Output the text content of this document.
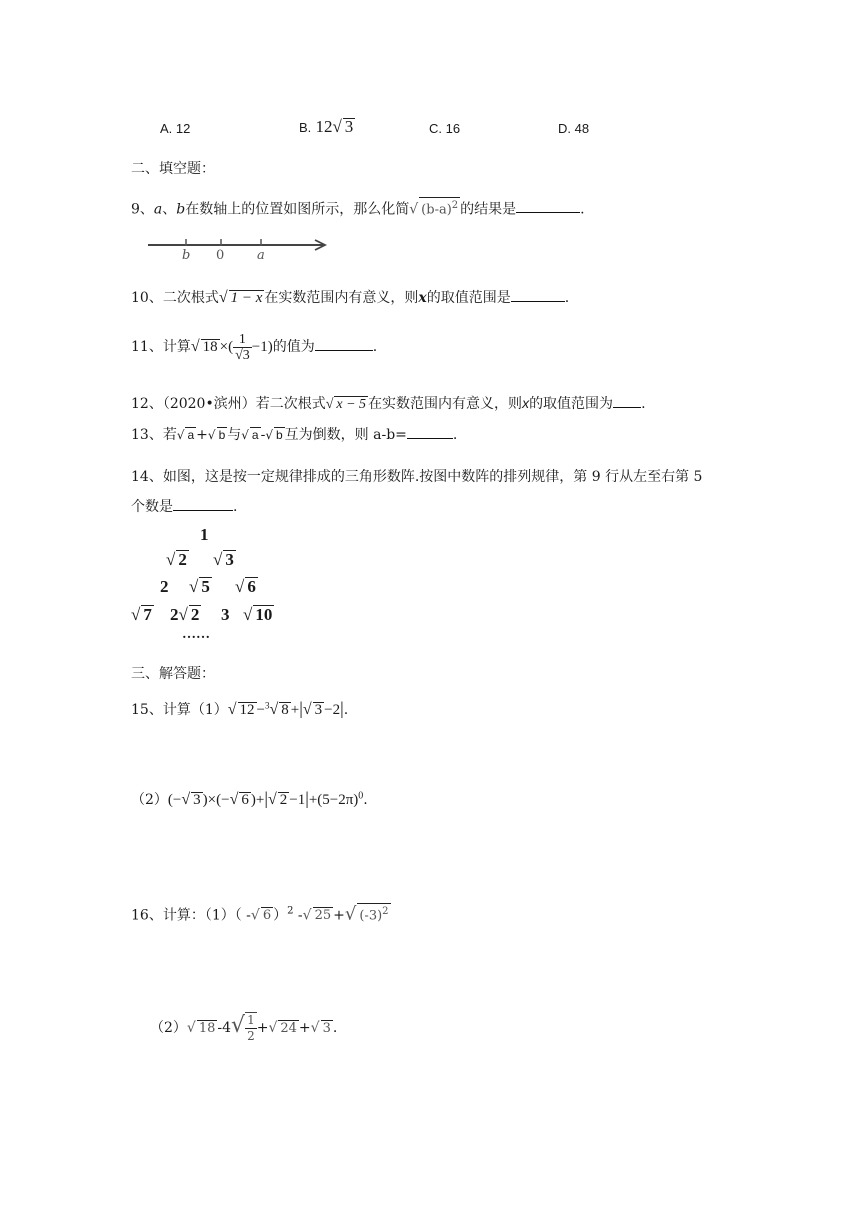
A. 12	B. 12√ 3	C. 16	D. 48
二、填空题：
9、a、b在数轴上的位置如图所示，那么化简√ $(b-a)^2$ 的结果是	.
b 0	a
10、二次根式√ 1 − x 在实数范围内有意义，则x的取值范围是	.
11、计算√ 18 ×( $\frac{1}{√3} -1$)的值为	.
12、（2020•滨州）若二次根式√ x − 5 在实数范围内有意义，则x的取值范围为 .
13、若√ a +√ b 与√ a -√ b 互为倒数，则 a-b=	.
14、如图，这是按一定规律排成的三角形数阵.按图中数阵的排列规律，第 9 行从左至右第 5
个数是	.
1
√ 2 √ 3
2 √ 5 √ 6
√ 7 2√ 2 3 √ 10
……
三、解答题：
15、计算（1）√ 12 −$^3$√ 8 +|√ 3 −2|.
（2）(−√ 3 )×(−√ 6 )+|√ $2 -1|+(5-2\pi)^0$.
16、计算：（1）（ -√ 6 ）$^2$ -√ 25 +√ $(-3)^2$
（2）√ 18 $-4√ \frac{1}{2}$ +√ 24 +√ 3 .
